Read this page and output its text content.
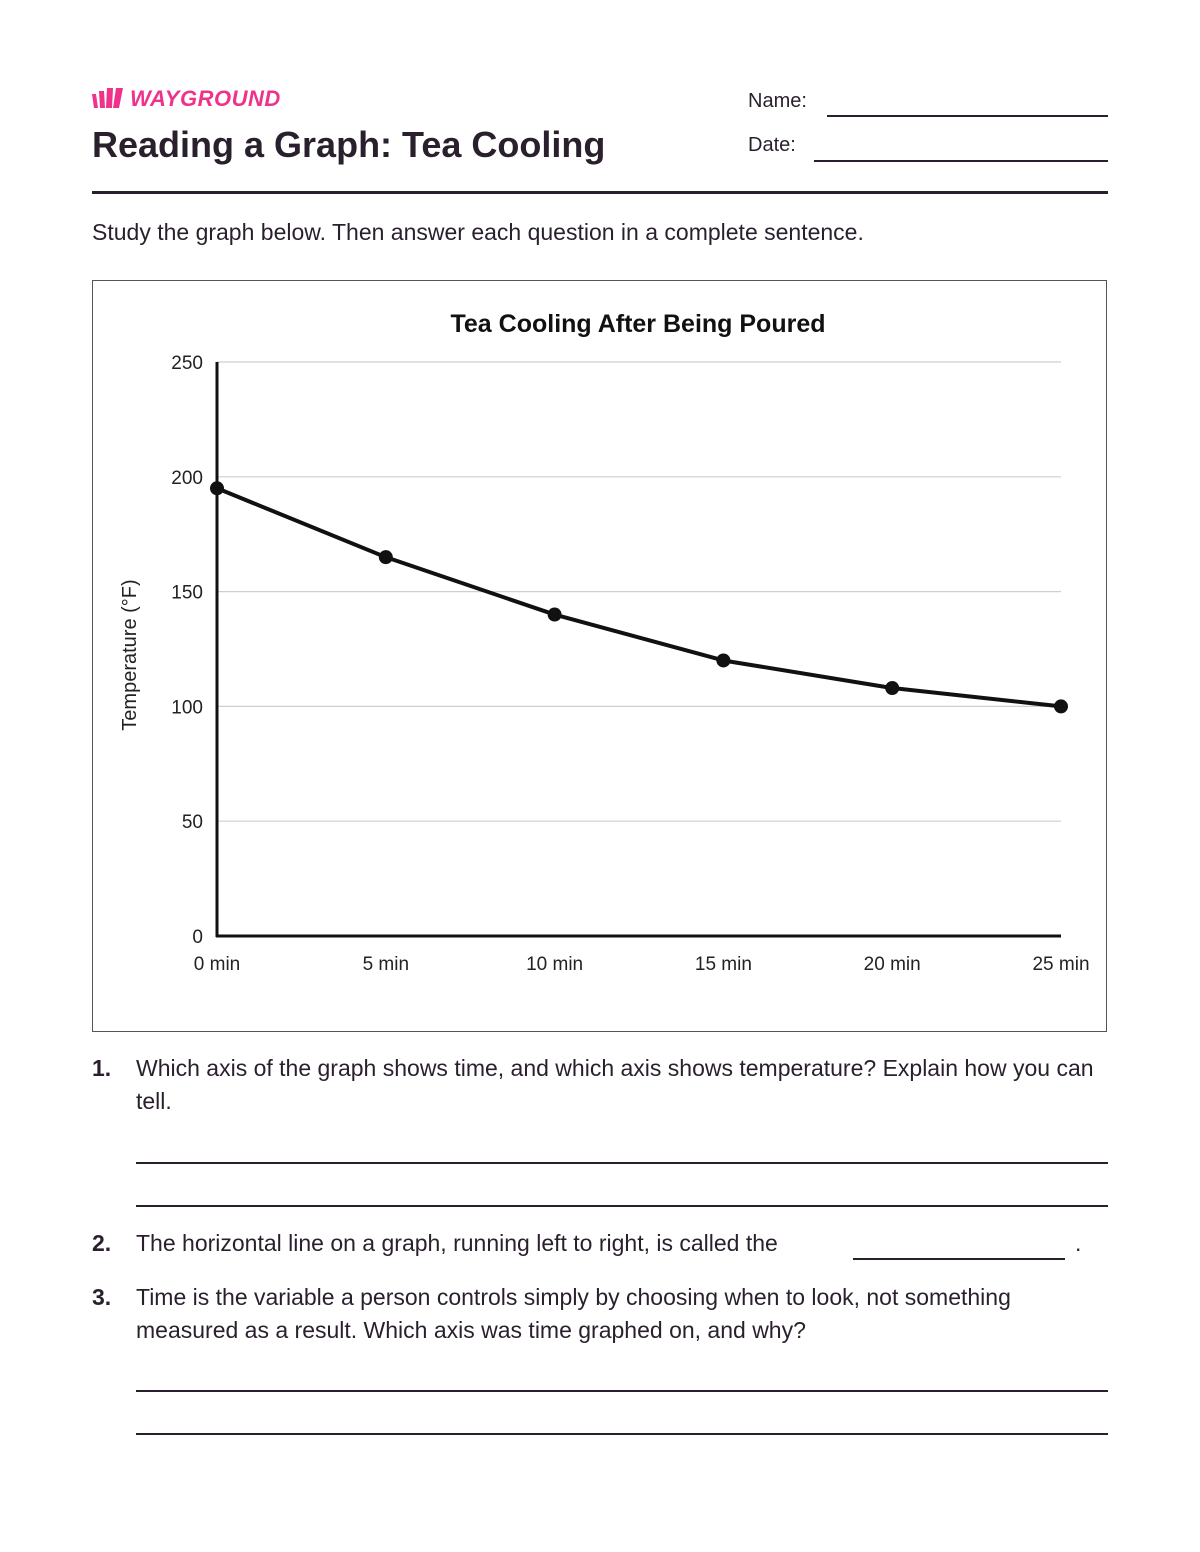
WAYGROUND
Reading a Graph: Tea Cooling
Name:
Date:
Study the graph below. Then answer each question in a complete sentence.
Tea Cooling After Being Poured
Temperature (°F)
0
50
100
150
200
250
0 min	5 min	10 min	15 min	20 min	25 min
1. Which axis of the graph shows time, and which axis shows temperature? Explain how you can tell.
2. The horizontal line on a graph, running left to right, is called the	.
3. Time is the variable a person controls simply by choosing when to look, not something measured as a result. Which axis was time graphed on, and why?
